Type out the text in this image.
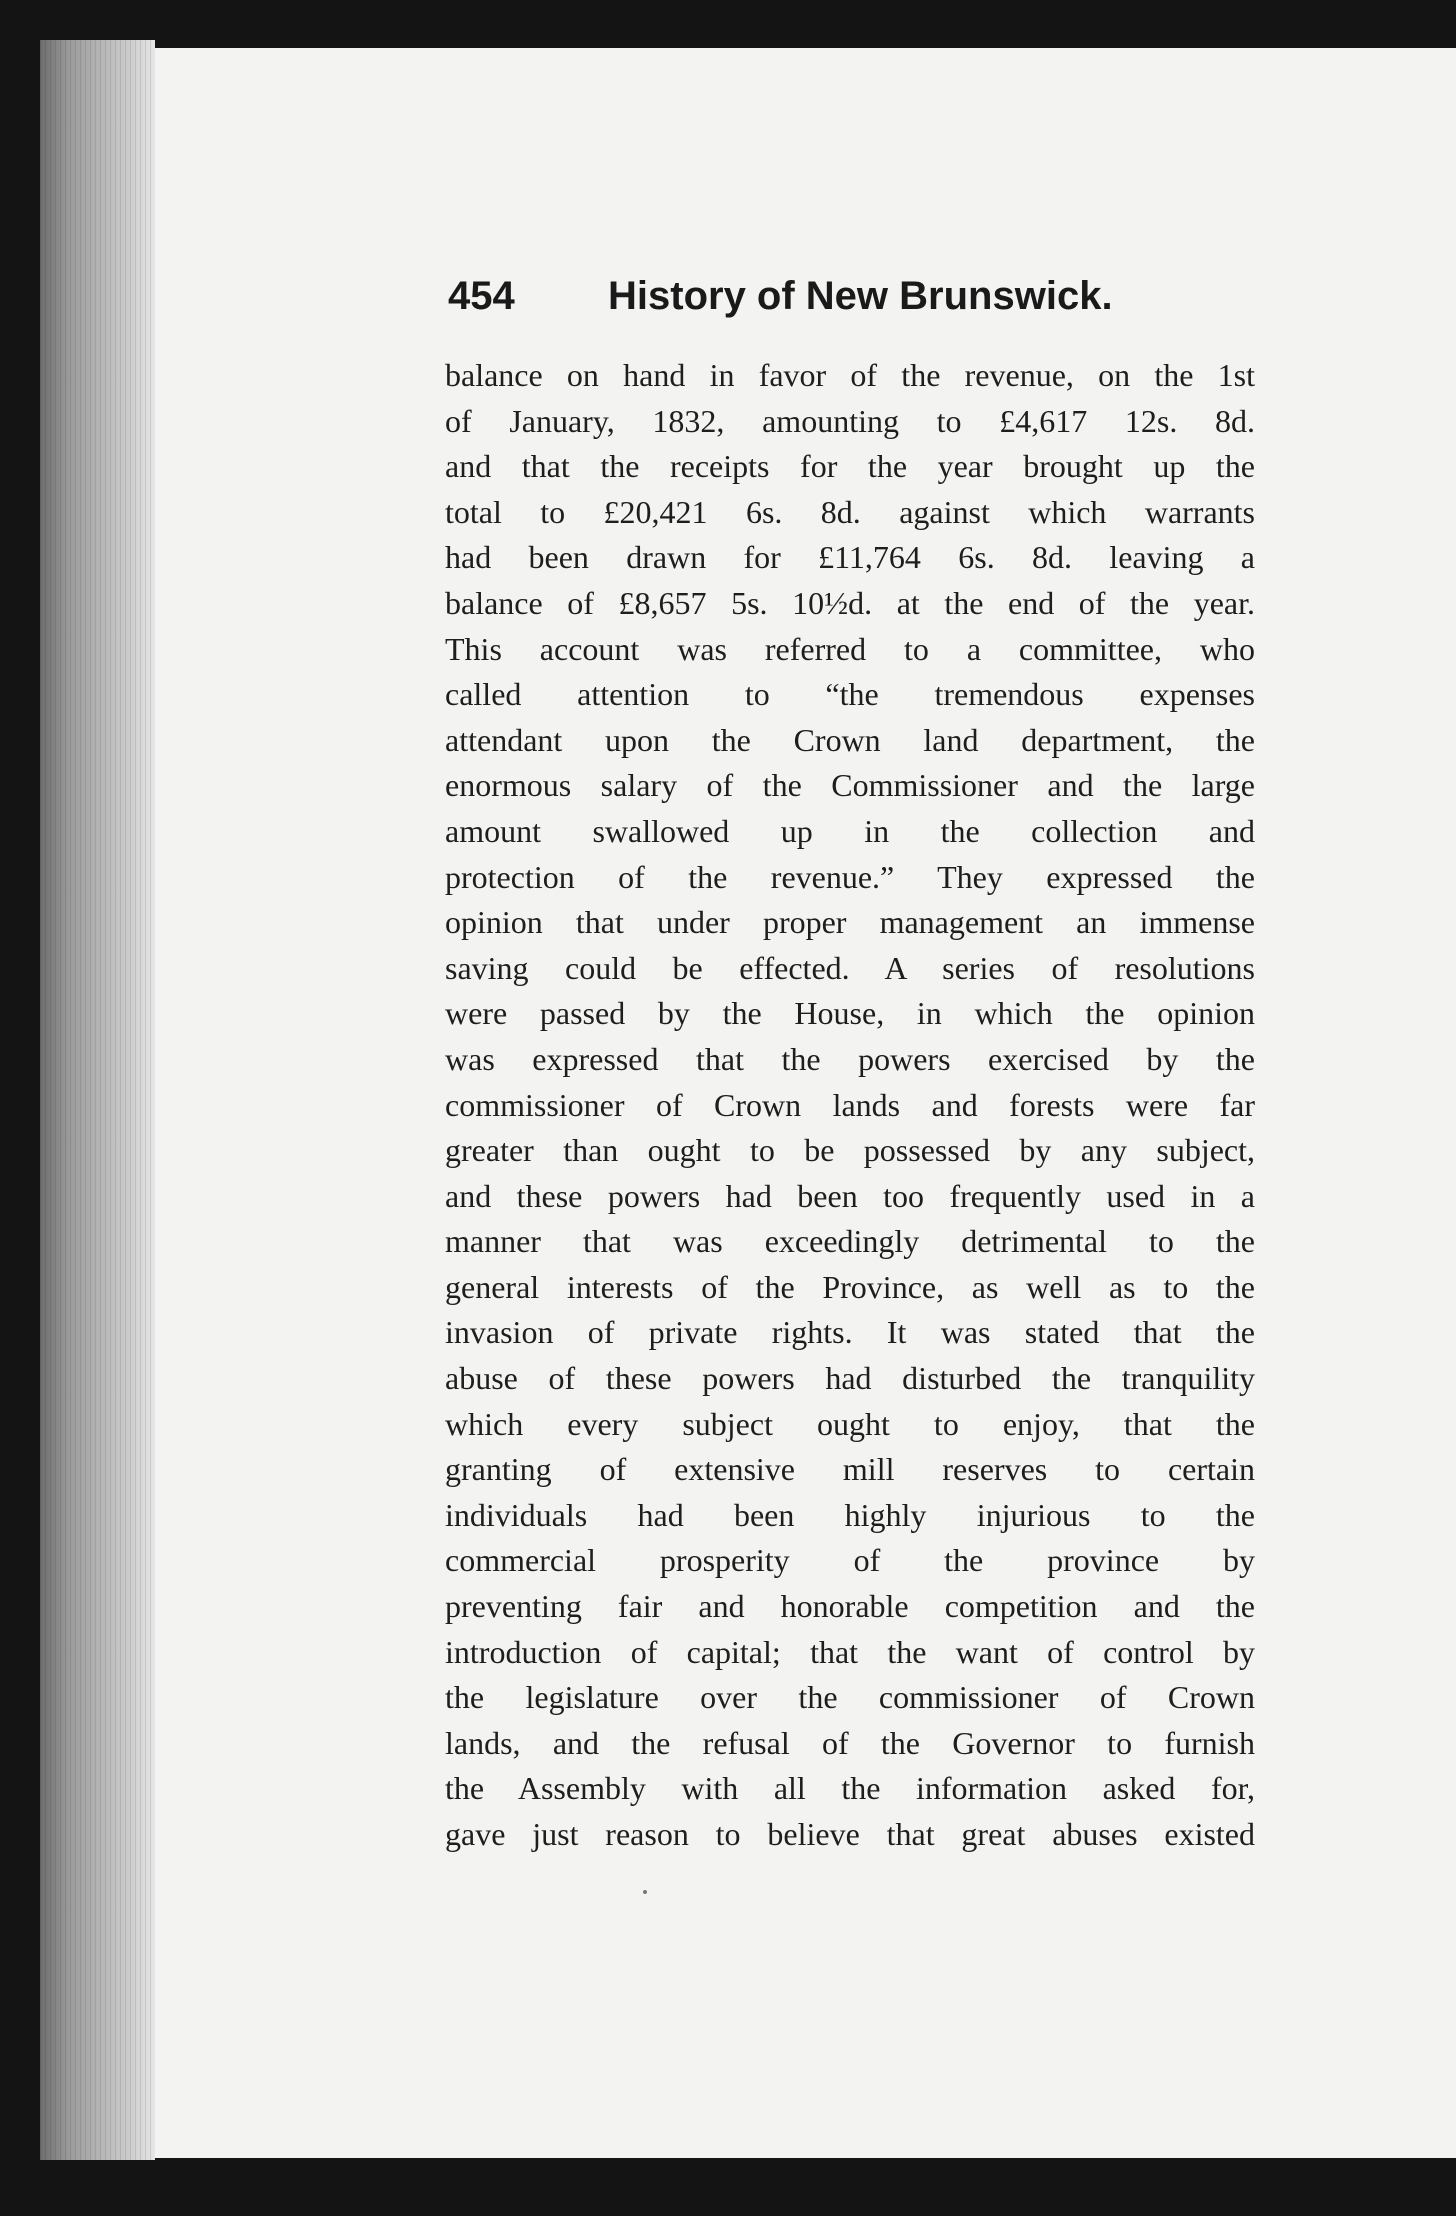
454 History of New Brunswick.
balance on hand in favor of the revenue, on the 1st
of January, 1832, amounting to £4,617 12s. 8d.
and that the receipts for the year brought up the
total to £20,421 6s. 8d. against which warrants
had been drawn for £11,764 6s. 8d. leaving a
balance of £8,657 5s. 10½d. at the end of the year.
This account was referred to a committee, who
called attention to “the tremendous expenses
attendant upon the Crown land department, the
enormous salary of the Commissioner and the large
amount swallowed up in the collection and
protection of the revenue.” They expressed the
opinion that under proper management an immense
saving could be effected. A series of resolutions
were passed by the House, in which the opinion
was expressed that the powers exercised by the
commissioner of Crown lands and forests were far
greater than ought to be possessed by any subject,
and these powers had been too frequently used in a
manner that was exceedingly detrimental to the
general interests of the Province, as well as to the
invasion of private rights. It was stated that the
abuse of these powers had disturbed the tranquility
which every subject ought to enjoy, that the
granting of extensive mill reserves to certain
individuals had been highly injurious to the
commercial prosperity of the province by
preventing fair and honorable competition and the
introduction of capital; that the want of control by
the legislature over the commissioner of Crown
lands, and the refusal of the Governor to furnish
the Assembly with all the information asked for,
gave just reason to believe that great abuses existed
